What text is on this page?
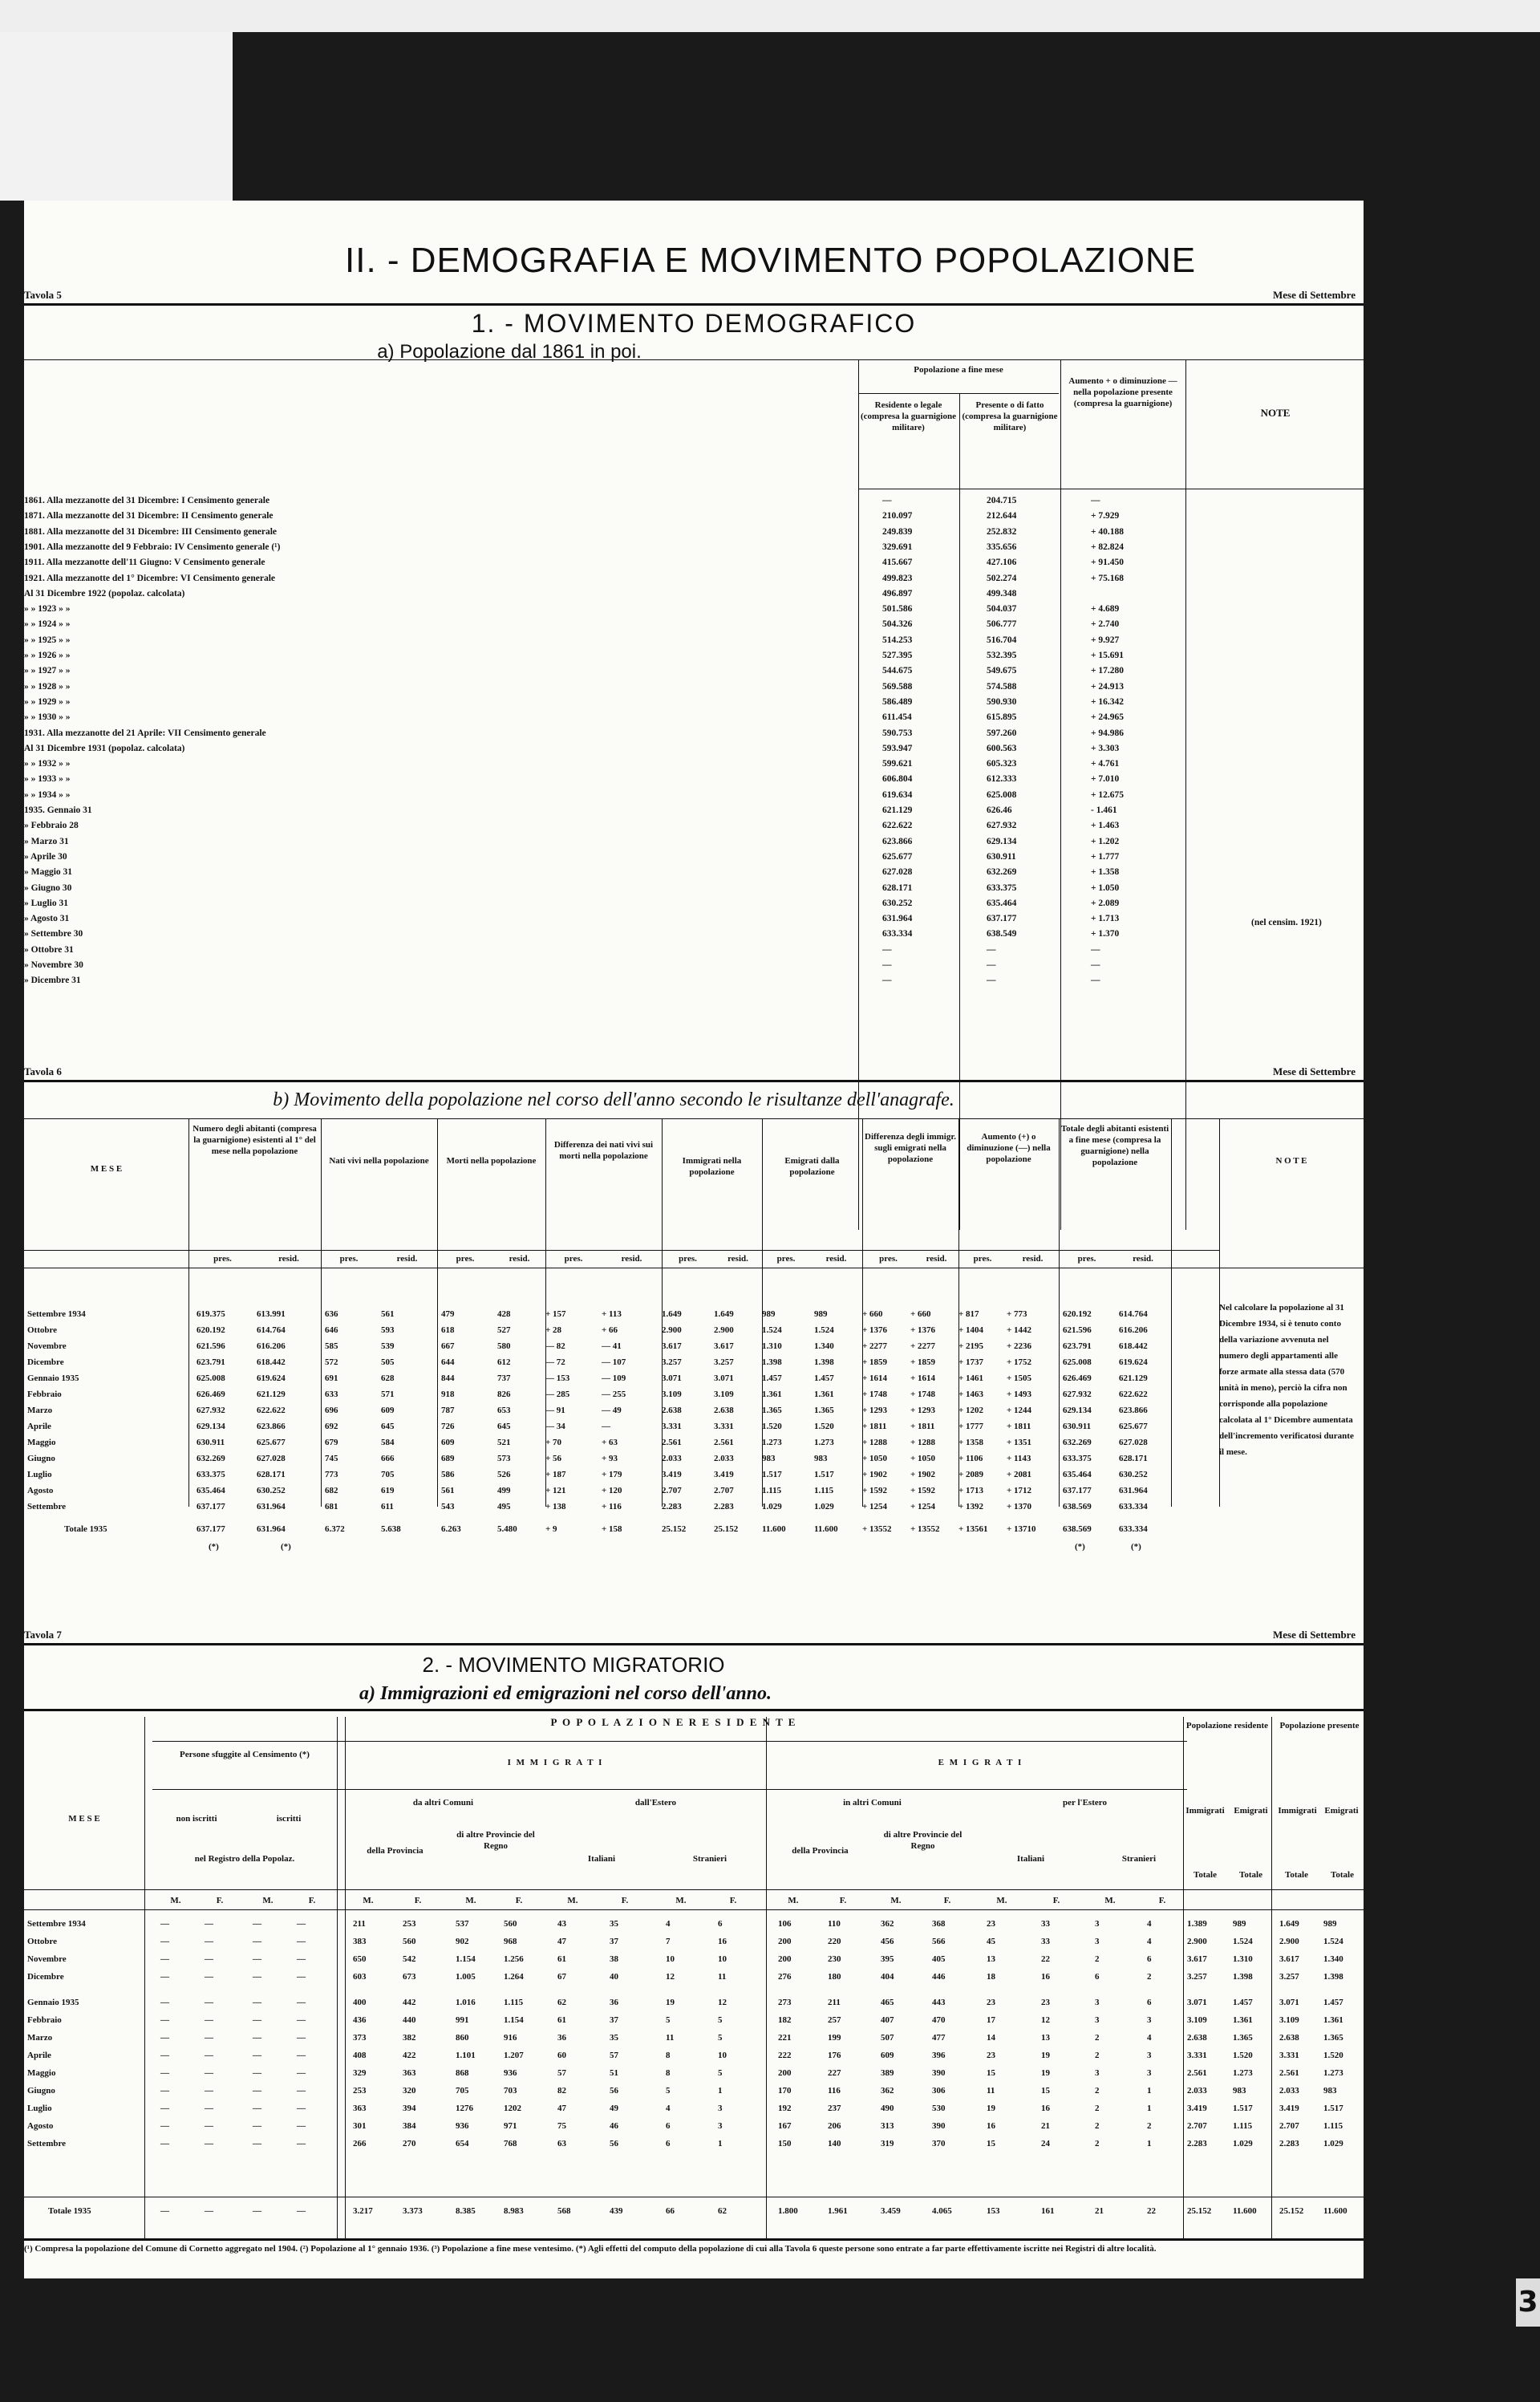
II. - DEMOGRAFIA E MOVIMENTO POPOLAZIONE
Tavola 5	Mese di Settembre
1. - MOVIMENTO DEMOGRAFICO
a) Popolazione dal 1861 in poi.
Popolazione a fine mese
Residente o legale (compresa la guarnigione militare)
Presente o di fatto (compresa la guarnigione militare)
Aumento + o diminuzione — nella popolazione presente (compresa la guarnigione)
NOTE
1861. Alla mezzanotte del 31 Dicembre: I Censimento generale	—	204.715	—
1871. Alla mezzanotte del 31 Dicembre: II Censimento generale	210.097	212.644	+ 7.929
1881. Alla mezzanotte del 31 Dicembre: III Censimento generale	249.839	252.832	+ 40.188
1901. Alla mezzanotte del 9 Febbraio: IV Censimento generale (¹)	329.691	335.656	+ 82.824
1911. Alla mezzanotte dell'11 Giugno: V Censimento generale	415.667	427.106	+ 91.450
1921. Alla mezzanotte del 1° Dicembre: VI Censimento generale	499.823	502.274	+ 75.168
Al 31 Dicembre 1922 (popolaz. calcolata)	496.897	499.348
» » 1923 » »	501.586	504.037	+ 4.689
» » 1924 » »	504.326	506.777	+ 2.740
» » 1925 » »	514.253	516.704	+ 9.927
» » 1926 » »	527.395	532.395	+ 15.691
» » 1927 » »	544.675	549.675	+ 17.280
» » 1928 » »	569.588	574.588	+ 24.913
» » 1929 » »	586.489	590.930	+ 16.342
» » 1930 » »	611.454	615.895	+ 24.965
1931. Alla mezzanotte del 21 Aprile: VII Censimento generale	590.753	597.260	+ 94.986
Al 31 Dicembre 1931 (popolaz. calcolata)	593.947	600.563	+ 3.303
» » 1932 » »	599.621	605.323	+ 4.761
» » 1933 » »	606.804	612.333	+ 7.010
» » 1934 » »	619.634	625.008	+ 12.675
1935. Gennaio 31	621.129	626.46	- 1.461
» Febbraio 28	622.622	627.932	+ 1.463
» Marzo 31	623.866	629.134	+ 1.202
» Aprile 30	625.677	630.911	+ 1.777
» Maggio 31	627.028	632.269	+ 1.358
» Giugno 30	628.171	633.375	+ 1.050
» Luglio 31	630.252	635.464	+ 2.089
» Agosto 31	631.964	637.177	+ 1.713
» Settembre 30	633.334	638.549	+ 1.370
» Ottobre 31	—	—	—
» Novembre 30	—	—	—
» Dicembre 31	—	—	—
(nel censim. 1921)
Tavola 6	Mese di Settembre
b) Movimento della popolazione nel corso dell'anno secondo le risultanze dell'anagrafe.
M E S E
Numero degli abitanti (compresa la guarnigione) esistenti al 1° del mese nella popolazione
Nati vivi nella popolazione	Morti nella popolazione
Differenza dei nati vivi sui morti nella popolazione	Immigrati nella popolazione
Emigrati dalla popolazione
Differenza degli immigr. sugli emigrati nella popolazione
Aumento (+) o diminuzione (—) nella popolazione
Totale degli abitanti esistenti a fine mese (compresa la guarnigione) nella popolazione	N O T E
pres.	resid.	pres.	resid.	pres.	resid.	pres.	resid.	pres.	resid.	pres.	resid.	pres.	resid.	pres.	resid.	pres.	resid.
Settembre 1934	619.375	613.991	636	561	479	428	+ 157	+ 113	1.649	1.649	989	989	+ 660	+ 660	+ 817	+ 773	620.192	614.764
Ottobre	620.192	614.764	646	593	618	527	+ 28	+ 66	2.900	2.900	1.524	1.524	+ 1376	+ 1376	+ 1404	+ 1442	621.596	616.206
Novembre	621.596	616.206	585	539	667	580	— 82	— 41	3.617	3.617	1.310	1.340	+ 2277	+ 2277	+ 2195	+ 2236	623.791	618.442
Dicembre	623.791	618.442	572	505	644	612	— 72	— 107	3.257	3.257	1.398	1.398	+ 1859	+ 1859	+ 1737	+ 1752	625.008	619.624
Gennaio 1935	625.008	619.624	691	628	844	737	— 153	— 109	3.071	3.071	1.457	1.457	+ 1614	+ 1614	+ 1461	+ 1505	626.469	621.129
Febbraio	626.469	621.129	633	571	918	826	— 285	— 255	3.109	3.109	1.361	1.361	+ 1748	+ 1748	+ 1463	+ 1493	627.932	622.622
Marzo	627.932	622.622	696	609	787	653	— 91	— 49	2.638	2.638	1.365	1.365	+ 1293	+ 1293	+ 1202	+ 1244	629.134	623.866
Aprile	629.134	623.866	692	645	726	645	— 34	—	3.331	3.331	1.520	1.520	+ 1811	+ 1811	+ 1777	+ 1811	630.911	625.677
Maggio	630.911	625.677	679	584	609	521	+ 70	+ 63	2.561	2.561	1.273	1.273	+ 1288	+ 1288	+ 1358	+ 1351	632.269	627.028
Giugno	632.269	627.028	745	666	689	573	+ 56	+ 93	2.033	2.033	983	983	+ 1050	+ 1050	+ 1106	+ 1143	633.375	628.171
Luglio	633.375	628.171	773	705	586	526	+ 187	+ 179	3.419	3.419	1.517	1.517	+ 1902	+ 1902	+ 2089	+ 2081	635.464	630.252
Agosto	635.464	630.252	682	619	561	499	+ 121	+ 120	2.707	2.707	1.115	1.115	+ 1592	+ 1592	+ 1713	+ 1712	637.177	631.964
Settembre	637.177	631.964	681	611	543	495	+ 138	+ 116	2.283	2.283	1.029	1.029	+ 1254	+ 1254	+ 1392	+ 1370	638.569	633.334
Totale 1935	637.177	631.964	6.372	5.638	6.263	5.480	+ 9	+ 158	25.152	25.152	11.600	11.600	+ 13552 + 13552 + 13561 + 13710	638.569	633.334
(*)	(*)	(*)	(*)
Nel calcolare la popolazione al 31 Dicembre 1934, si è tenuto conto della variazione avvenuta nel numero degli appartamenti alle forze armate alla stessa data (570 unità in meno), perciò la cifra non corrisponde alla popolazione calcolata al 1° Dicembre aumentata dell'incremento verificatosi durante il mese.
Tavola 7	Mese di Settembre
2. - MOVIMENTO MIGRATORIO
a) Immigrazioni ed emigrazioni nel corso dell'anno.
P O P O L A Z I O N E R E S I D E N T E	Popolazione residente	Popolazione presente
M E S E
Persone sfuggite al Censimento (*)
non iscritti	iscritti
nel Registro della Popolaz.
I M M I G R A T I	E M I G R A T I
da altri Comuni	dall'Estero	in altri Comuni	per l'Estero
della Provincia
di altre Provincie del Regno
Italiani	Stranieri
della Provincia
di altre Provincie del Regno
Italiani	Stranieri
Immigrati	Emigrati	Immigrati Emigrati
Totale	Totale	Totale	Totale
M.	F.	M.	F.	M.	F.	M.	F.	M.	F.	M.	F.	M.	F.	M.	F.	M.	F.	M.	F.
Settembre 1934	—	—	—	—	211	253	537	560	43	35	4	6	106	110	362	368	23	33	3	4	1.389	989	1.649	989
Ottobre	—	—	—	—	383	560	902	968	47	37	7	16	200	220	456	566	45	33	3	4	2.900	1.524	2.900	1.524
Novembre	—	—	—	—	650	542	1.154	1.256	61	38	10	10	200	230	395	405	13	22	2	6	3.617	1.310	3.617	1.340
Dicembre	—	—	—	—	603	673	1.005	1.264	67	40	12	11	276	180	404	446	18	16	6	2	3.257	1.398	3.257	1.398
Gennaio 1935	—	—	—	—	400	442	1.016	1.115	62	36	19	12	273	211	465	443	23	23	3	6	3.071	1.457	3.071	1.457
Febbraio	—	—	—	—	436	440	991	1.154	61	37	5	5	182	257	407	470	17	12	3	3	3.109	1.361	3.109	1.361
Marzo	—	—	—	—	373	382	860	916	36	35	11	5	221	199	507	477	14	13	2	4	2.638	1.365	2.638	1.365
Aprile	—	—	—	—	408	422	1.101	1.207	60	57	8	10	222	176	609	396	23	19	2	3	3.331	1.520	3.331	1.520
Maggio	—	—	—	—	329	363	868	936	57	51	8	5	200	227	389	390	15	19	3	3	2.561	1.273	2.561	1.273
Giugno	—	—	—	—	253	320	705	703	82	56	5	1	170	116	362	306	11	15	2	1	2.033	983	2.033	983
Luglio	—	—	—	—	363	394	1276	1202	47	49	4	3	192	237	490	530	19	16	2	1	3.419	1.517	3.419	1.517
Agosto	—	—	—	—	301	384	936	971	75	46	6	3	167	206	313	390	16	21	2	2	2.707	1.115	2.707	1.115
Settembre	—	—	—	—	266	270	654	768	63	56	6	1	150	140	319	370	15	24	2	1	2.283	1.029	2.283	1.029
Totale 1935	—	—	—	—	3.217	3.373	8.385	8.983	568	439	66	62	1.800	1.961	3.459	4.065	153	161	21	22	25.152 11.600	25.152 11.600
(¹) Compresa la popolazione del Comune di Cornetto aggregato nel 1904. (²) Popolazione al 1° gennaio 1936. (³) Popolazione a fine mese ventesimo. (*) Agli effetti del computo della popolazione di cui alla Tavola 6 queste persone sono entrate a far parte effettivamente iscritte nei Registri di altre località.
3
